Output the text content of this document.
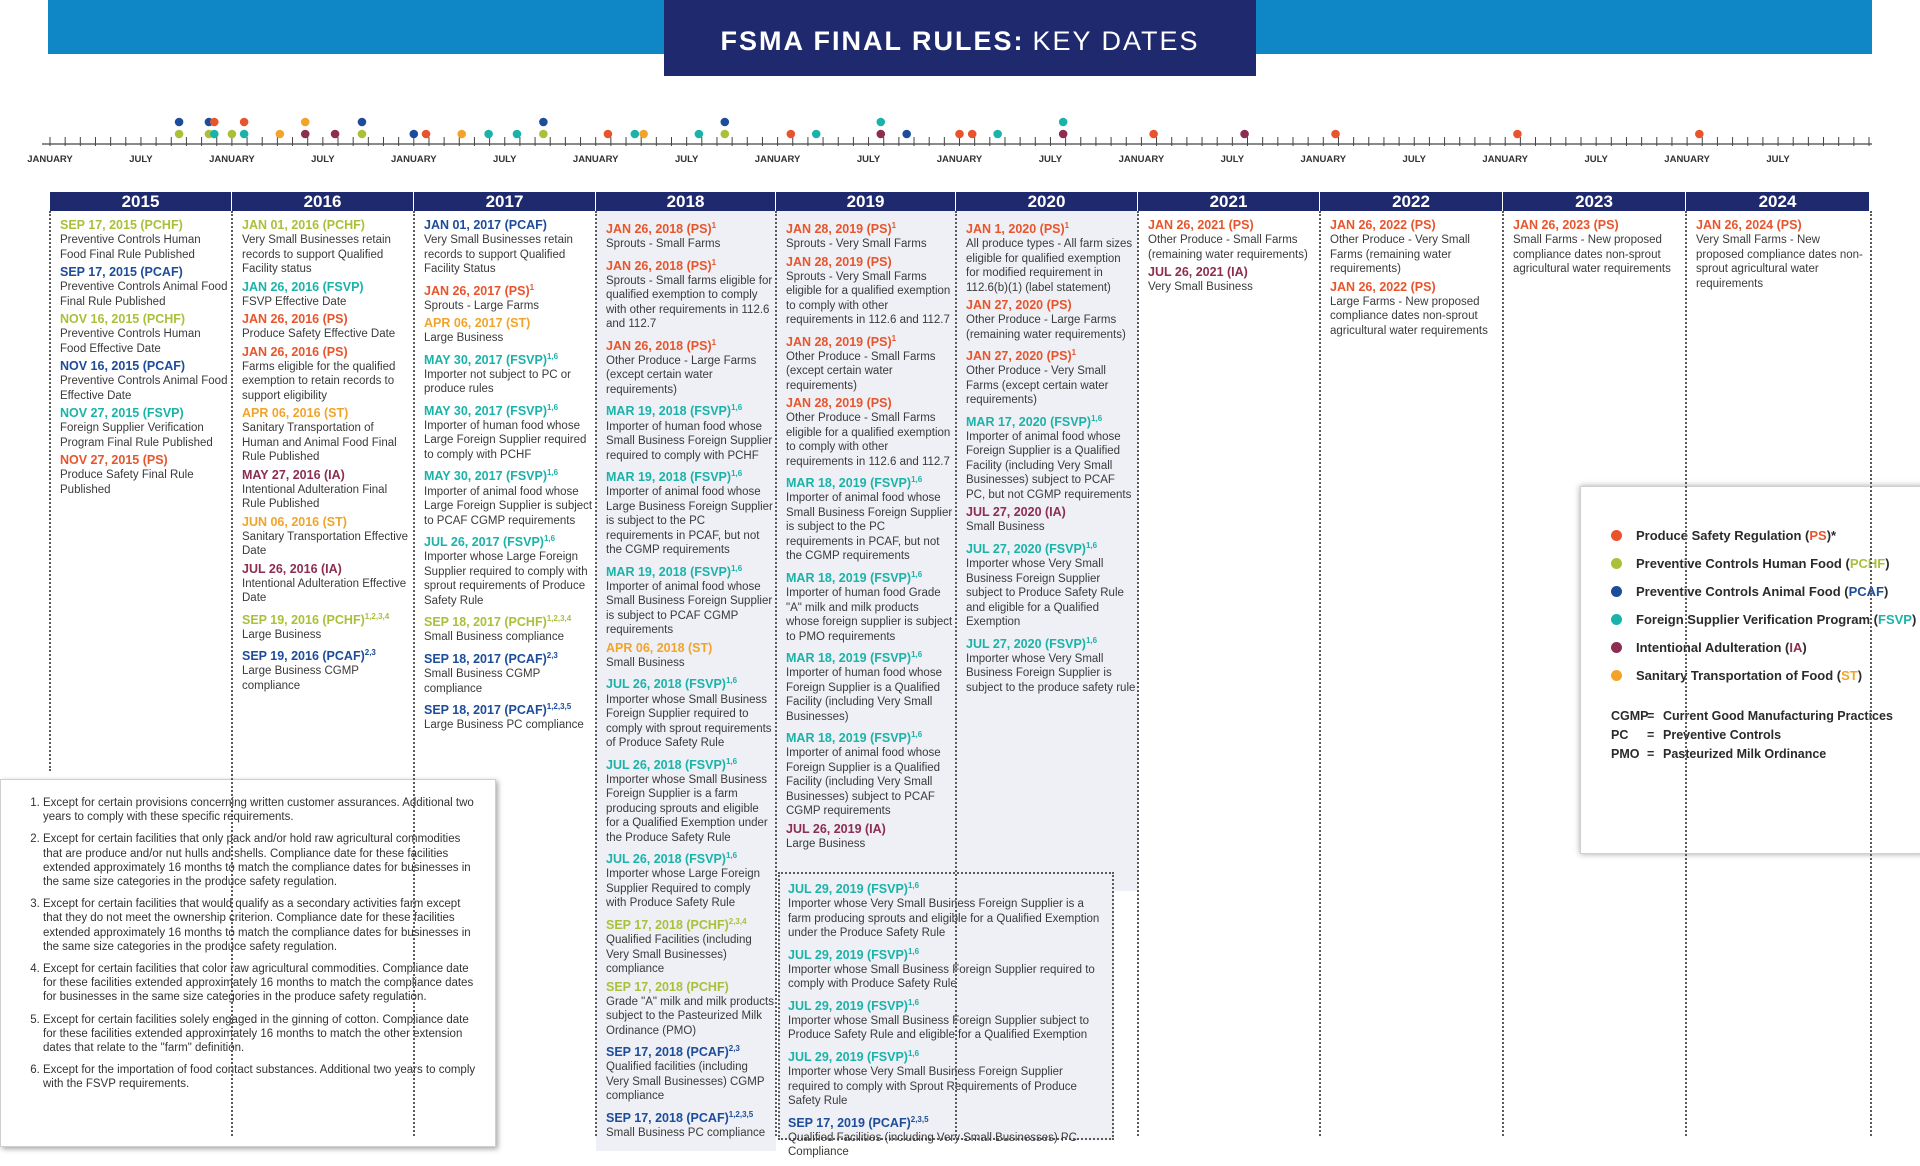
FSMA FINAL RULES: KEY DATES
JANUARY	JULY	JANUARY	JULY	JANUARY	JULY	JANUARY	JULY	JANUARY	JULY	JANUARY	JULY	JANUARY	JULY	JANUARY	JULY	JANUARY	JULY	JANUARY	JULY
2015
SEP 17, 2015 (PCHF)
Preventive Controls Human Food Final Rule Published
SEP 17, 2015 (PCAF)
Preventive Controls Animal Food Final Rule Published
NOV 16, 2015 (PCHF)
Preventive Controls Human Food Effective Date
NOV 16, 2015 (PCAF)
Preventive Controls Animal Food Effective Date
NOV 27, 2015 (FSVP)
Foreign Supplier Verification Program Final Rule Published
NOV 27, 2015 (PS)
Produce Safety Final Rule Published
2016
JAN 01, 2016 (PCHF)
Very Small Businesses retain records to support Qualified Facility status
JAN 26, 2016 (FSVP)
FSVP Effective Date
JAN 26, 2016 (PS)
Produce Safety Effective Date
JAN 26, 2016 (PS)
Farms eligible for the qualified exemption to retain records to support eligibility
APR 06, 2016 (ST)
Sanitary Transportation of Human and Animal Food Final Rule Published
MAY 27, 2016 (IA)
Intentional Adulteration Final Rule Published
JUN 06, 2016 (ST)
Sanitary Transportation Effective Date
JUL 26, 2016 (IA)
Intentional Adulteration Effective Date
SEP 19, 2016 (PCHF)$^{1,2,3,4}$
Large Business
SEP 19, 2016 (PCAF)$^{2,3}$
Large Business CGMP compliance
2017
JAN 01, 2017 (PCAF)
Very Small Businesses retain records to support Qualified Facility Status
JAN 26, 2017 (PS)$^1$
Sprouts - Large Farms
APR 06, 2017 (ST)
Large Business
MAY 30, 2017 (FSVP)$^{1,6}$
Importer not subject to PC or produce rules
MAY 30, 2017 (FSVP)$^{1,6}$
Importer of human food whose Large Foreign Supplier required to comply with PCHF
MAY 30, 2017 (FSVP)$^{1,6}$
Importer of animal food whose Large Foreign Supplier is subject to PCAF CGMP requirements
JUL 26, 2017 (FSVP)$^{1,6}$
Importer whose Large Foreign Supplier required to comply with sprout requirements of Produce Safety Rule
SEP 18, 2017 (PCHF)$^{1,2,3,4}$
Small Business compliance
SEP 18, 2017 (PCAF)$^{2,3}$
Small Business CGMP compliance
SEP 18, 2017 (PCAF)$^{1,2,3,5}$
Large Business PC compliance
2018
JAN 26, 2018 (PS)$^1$
Sprouts - Small Farms
JAN 26, 2018 (PS)$^1$
Sprouts - Small farms eligible for qualified exemption to comply with other requirements in 112.6 and 112.7
JAN 26, 2018 (PS)$^1$
Other Produce - Large Farms (except certain water requirements)
MAR 19, 2018 (FSVP)$^{1,6}$
Importer of human food whose Small Business Foreign Supplier required to comply with PCHF
MAR 19, 2018 (FSVP)$^{1,6}$
Importer of animal food whose Large Business Foreign Supplier is subject to the PC requirements in PCAF, but not the CGMP requirements
MAR 19, 2018 (FSVP)$^{1,6}$
Importer of animal food whose Small Business Foreign Supplier is subject to PCAF CGMP requirements
APR 06, 2018 (ST)
Small Business
JUL 26, 2018 (FSVP)$^{1,6}$
Importer whose Small Business Foreign Supplier required to comply with sprout requirements of Produce Safety Rule
JUL 26, 2018 (FSVP)$^{1,6}$
Importer whose Small Business Foreign Supplier is a farm producing sprouts and eligible for a Qualified Exemption under the Produce Safety Rule
JUL 26, 2018 (FSVP)$^{1,6}$
Importer whose Large Foreign Supplier Required to comply with Produce Safety Rule
SEP 17, 2018 (PCHF)$^{2,3,4}$
Qualified Facilities (including Very Small Businesses) compliance
SEP 17, 2018 (PCHF)
Grade "A" milk and milk products subject to the Pasteurized Milk Ordinance (PMO)
SEP 17, 2018 (PCAF)$^{2,3}$
Qualified facilities (including Very Small Businesses) CGMP compliance
SEP 17, 2018 (PCAF)$^{1,2,3,5}$
Small Business PC compliance
2019
JAN 28, 2019 (PS)$^1$
Sprouts - Very Small Farms
JAN 28, 2019 (PS)
Sprouts - Very Small Farms eligible for a qualified exemption to comply with other requirements in 112.6 and 112.7
JAN 28, 2019 (PS)$^1$
Other Produce - Small Farms (except certain water requirements)
JAN 28, 2019 (PS)
Other Produce - Small Farms eligible for a qualified exemption to comply with other requirements in 112.6 and 112.7
MAR 18, 2019 (FSVP)$^{1,6}$
Importer of animal food whose Small Business Foreign Supplier is subject to the PC requirements in PCAF, but not the CGMP requirements
MAR 18, 2019 (FSVP)$^{1,6}$
Importer of human food Grade "A" milk and milk products whose foreign supplier is subject to PMO requirements
MAR 18, 2019 (FSVP)$^{1,6}$
Importer of human food whose Foreign Supplier is a Qualified Facility (including Very Small Businesses)
MAR 18, 2019 (FSVP)$^{1,6}$
Importer of animal food whose Foreign Supplier is a Qualified Facility (including Very Small Businesses) subject to PCAF CGMP requirements
JUL 26, 2019 (IA)
Large Business
2020
JAN 1, 2020 (PS)$^1$
All produce types - All farm sizes eligible for qualified exemption for modified requirement in 112.6(b)(1) (label statement)
JAN 27, 2020 (PS)
Other Produce - Large Farms (remaining water requirements)
JAN 27, 2020 (PS)$^1$
Other Produce - Very Small Farms (except certain water requirements)
MAR 17, 2020 (FSVP)$^{1,6}$
Importer of animal food whose Foreign Supplier is a Qualified Facility (including Very Small Businesses) subject to PCAF PC, but not CGMP requirements
JUL 27, 2020 (IA)
Small Business
JUL 27, 2020 (FSVP)$^{1,6}$
Importer whose Very Small Business Foreign Supplier subject to Produce Safety Rule and eligible for a Qualified Exemption
JUL 27, 2020 (FSVP)$^{1,6}$
Importer whose Very Small Business Foreign Supplier is subject to the produce safety rule
2021
JAN 26, 2021 (PS)
Other Produce - Small Farms (remaining water requirements)
JUL 26, 2021 (IA)
Very Small Business
2022
JAN 26, 2022 (PS)
Other Produce - Very Small Farms (remaining water requirements)
JAN 26, 2022 (PS)
Large Farms - New proposed compliance dates non-sprout agricultural water requirements
2023
JAN 26, 2023 (PS)
Small Farms - New proposed compliance dates non-sprout agricultural water requirements
2024
JAN 26, 2024 (PS)
Very Small Farms - New proposed compliance dates non-sprout agricultural water requirements
JUL 29, 2019 (FSVP)$^{1,6}$
Importer whose Very Small Business Foreign Supplier is a farm producing sprouts and eligible for a Qualified Exemption under the Produce Safety Rule
JUL 29, 2019 (FSVP)$^{1,6}$
Importer whose Small Business Foreign Supplier required to comply with Produce Safety Rule
JUL 29, 2019 (FSVP)$^{1,6}$
Importer whose Small Business Foreign Supplier subject to Produce Safety Rule and eligible for a Qualified Exemption
JUL 29, 2019 (FSVP)$^{1,6}$
Importer whose Very Small Business Foreign Supplier required to comply with Sprout Requirements of Produce Safety Rule
SEP 17, 2019 (PCAF)$^{2,3,5}$
Qualified Facilities (including Very Small Businesses) PC Compliance
1. Except for certain provisions concerning written customer assurances. Additional two years to comply with these specific requirements.
2. Except for certain facilities that only pack and/or hold raw agricultural commodities that are produce and/or nut hulls and shells. Compliance date for these facilities extended approximately 16 months to match the compliance dates for businesses in the same size categories in the produce safety regulation.
3. Except for certain facilities that would qualify as a secondary activities farm except that they do not meet the ownership criterion. Compliance date for these facilities extended approximately 16 months to match the compliance dates for businesses in the same size categories in the produce safety regulation.
4. Except for certain facilities that color raw agricultural commodities. Compliance date for these facilities extended approximately 16 months to match the compliance dates for businesses in the same size categories in the produce safety regulation.
5. Except for certain facilities solely engaged in the ginning of cotton. Compliance date for these facilities extended approximately 16 months to match the other extension dates that relate to the "farm" definition.
6. Except for the importation of food contact substances. Additional two years to comply with the FSVP requirements.
Produce Safety Regulation (PS)*
Preventive Controls Human Food (PCHF)
Preventive Controls Animal Food (PCAF)
Foreign Supplier Verification Program (FSVP)
Intentional Adulteration (IA)
Sanitary Transportation of Food (ST)
CGMP
= Current Good Manufacturing Practices
PC	= Preventive Controls
PMO = Pasteurized Milk Ordinance
